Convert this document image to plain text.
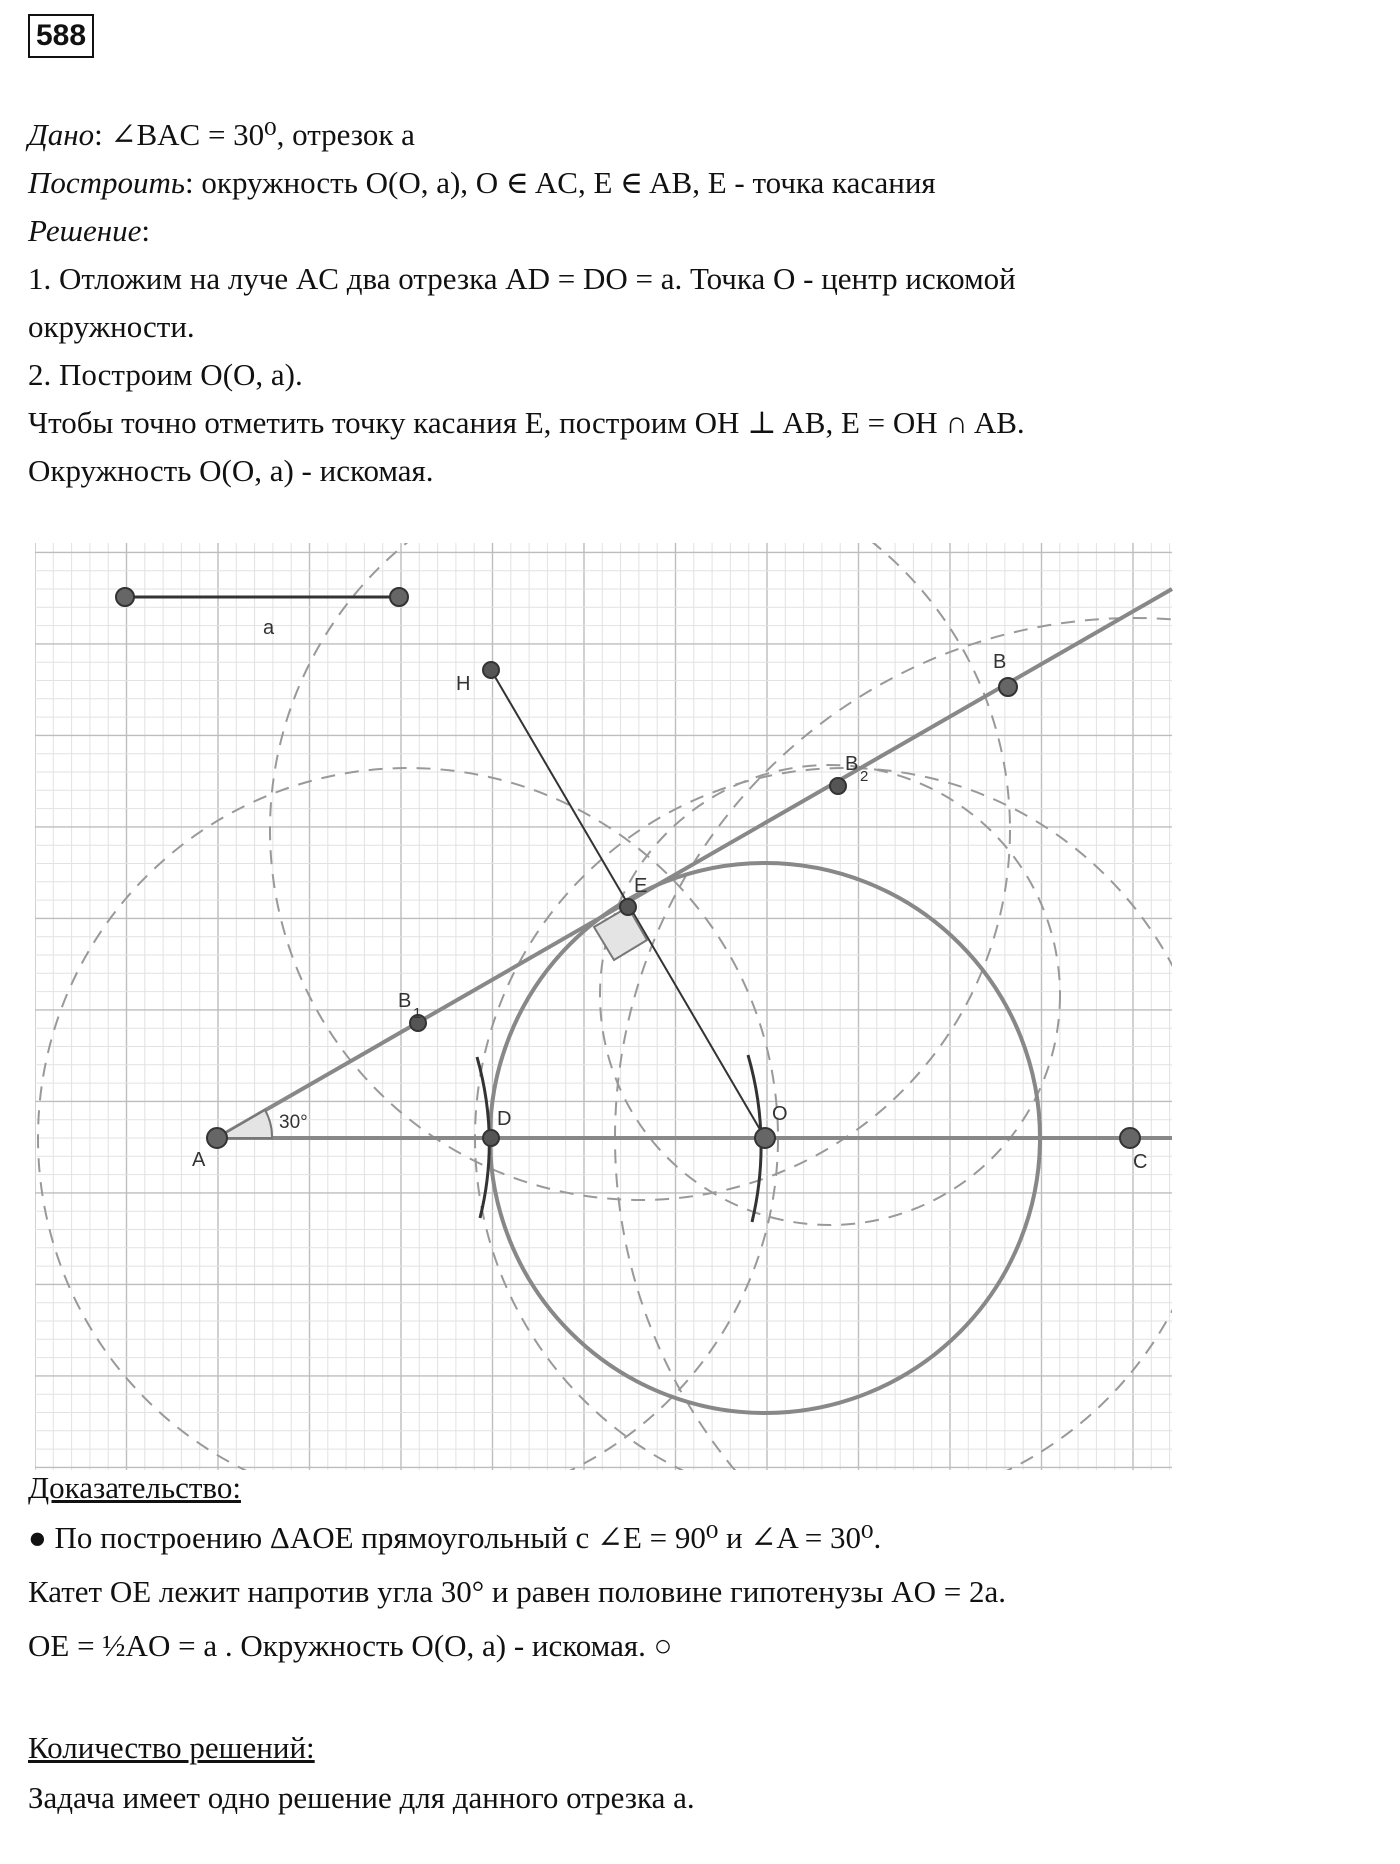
588
Дано: ∠BAC = 30⁰, отрезок a
Построить: окружность O(O, a), O ∈ AC, E ∈ AB, E - точка касания
Решение:
1. Отложим на луче AC два отрезка AD = DO = a. Точка O - центр искомой
окружности.
2. Построим O(O, a).
Чтобы точно отметить точку касания E, построим OH ⊥ AB, E = OH ∩ AB.
Окружность O(O, a) - искомая.
a
H
B
B
2
E
B
1
30°
A
D	O
C
Доказательство:
● По построению ΔAOE прямоугольный с ∠E = 90⁰ и ∠A = 30⁰.
Катет OE лежит напротив угла 30° и равен половине гипотенузы AO = 2a.
OE = ½AO = a . Окружность O(O, a) - искомая. ○
Количество решений:
Задача имеет одно решение для данного отрезка a.
